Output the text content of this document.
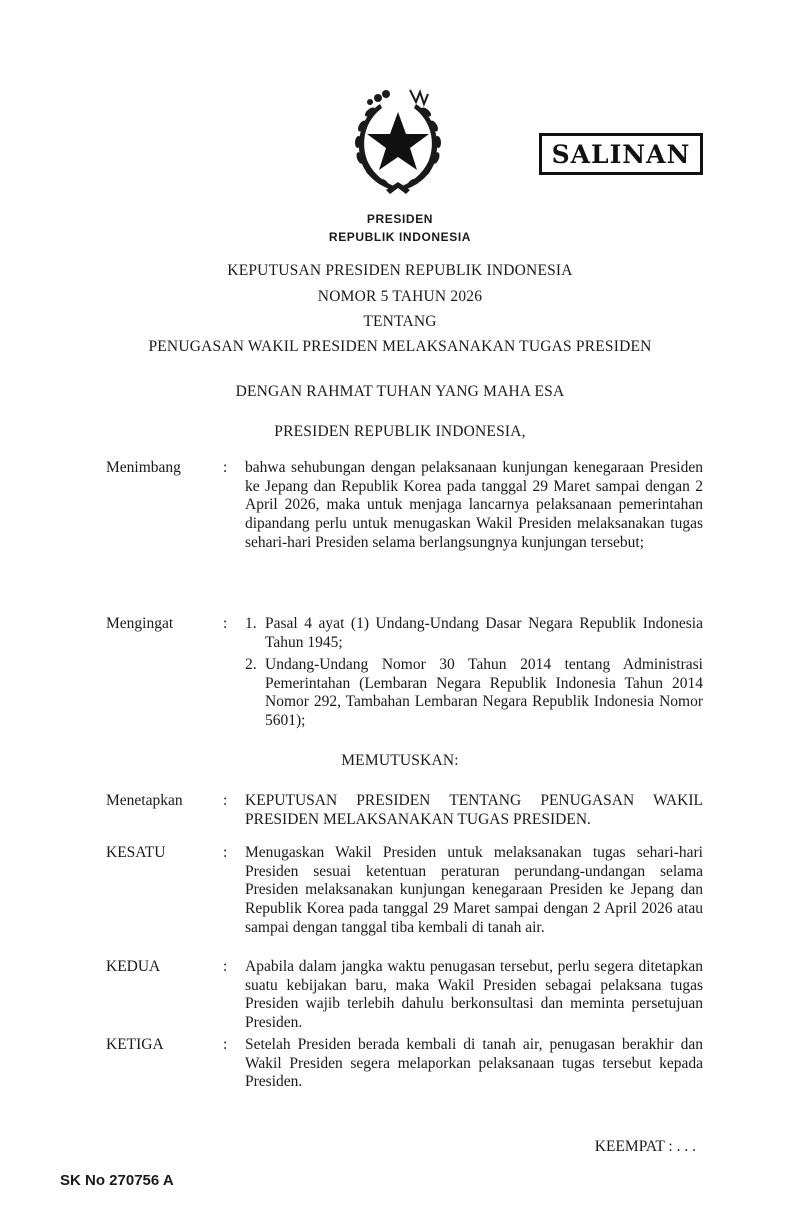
SALINAN
PRESIDEN
REPUBLIK INDONESIA
KEPUTUSAN PRESIDEN REPUBLIK INDONESIA
NOMOR 5 TAHUN 2026
TENTANG
PENUGASAN WAKIL PRESIDEN MELAKSANAKAN TUGAS PRESIDEN
DENGAN RAHMAT TUHAN YANG MAHA ESA
PRESIDEN REPUBLIK INDONESIA,
Menimbang	: bahwa sehubungan dengan pelaksanaan kunjungan kenegaraan Presiden ke Jepang dan Republik Korea pada tanggal 29 Maret sampai dengan 2 April 2026, maka untuk menjaga lancarnya pelaksanaan pemerintahan dipandang perlu untuk menugaskan Wakil Presiden melaksanakan tugas sehari-hari Presiden selama berlangsungnya kunjungan tersebut;
Mengingat	: 1. Pasal 4 ayat (1) Undang-Undang Dasar Negara Republik Indonesia Tahun 1945;
2. Undang-Undang Nomor 30 Tahun 2014 tentang Administrasi Pemerintahan (Lembaran Negara Republik Indonesia Tahun 2014 Nomor 292, Tambahan Lembaran Negara Republik Indonesia Nomor 5601);
MEMUTUSKAN:
Menetapkan	: KEPUTUSAN PRESIDEN TENTANG PENUGASAN WAKIL PRESIDEN MELAKSANAKAN TUGAS PRESIDEN.
KESATU	: Menugaskan Wakil Presiden untuk melaksanakan tugas sehari-hari Presiden sesuai ketentuan peraturan perundang-undangan selama Presiden melaksanakan kunjungan kenegaraan Presiden ke Jepang dan Republik Korea pada tanggal 29 Maret sampai dengan 2 April 2026 atau sampai dengan tanggal tiba kembali di tanah air.
KEDUA	: Apabila dalam jangka waktu penugasan tersebut, perlu segera ditetapkan suatu kebijakan baru, maka Wakil Presiden sebagai pelaksana tugas Presiden wajib terlebih dahulu berkonsultasi dan meminta persetujuan Presiden.
KETIGA	: Setelah Presiden berada kembali di tanah air, penugasan berakhir dan Wakil Presiden segera melaporkan pelaksanaan tugas tersebut kepada Presiden.
KEEMPAT : . . .
SK No 270756 A
